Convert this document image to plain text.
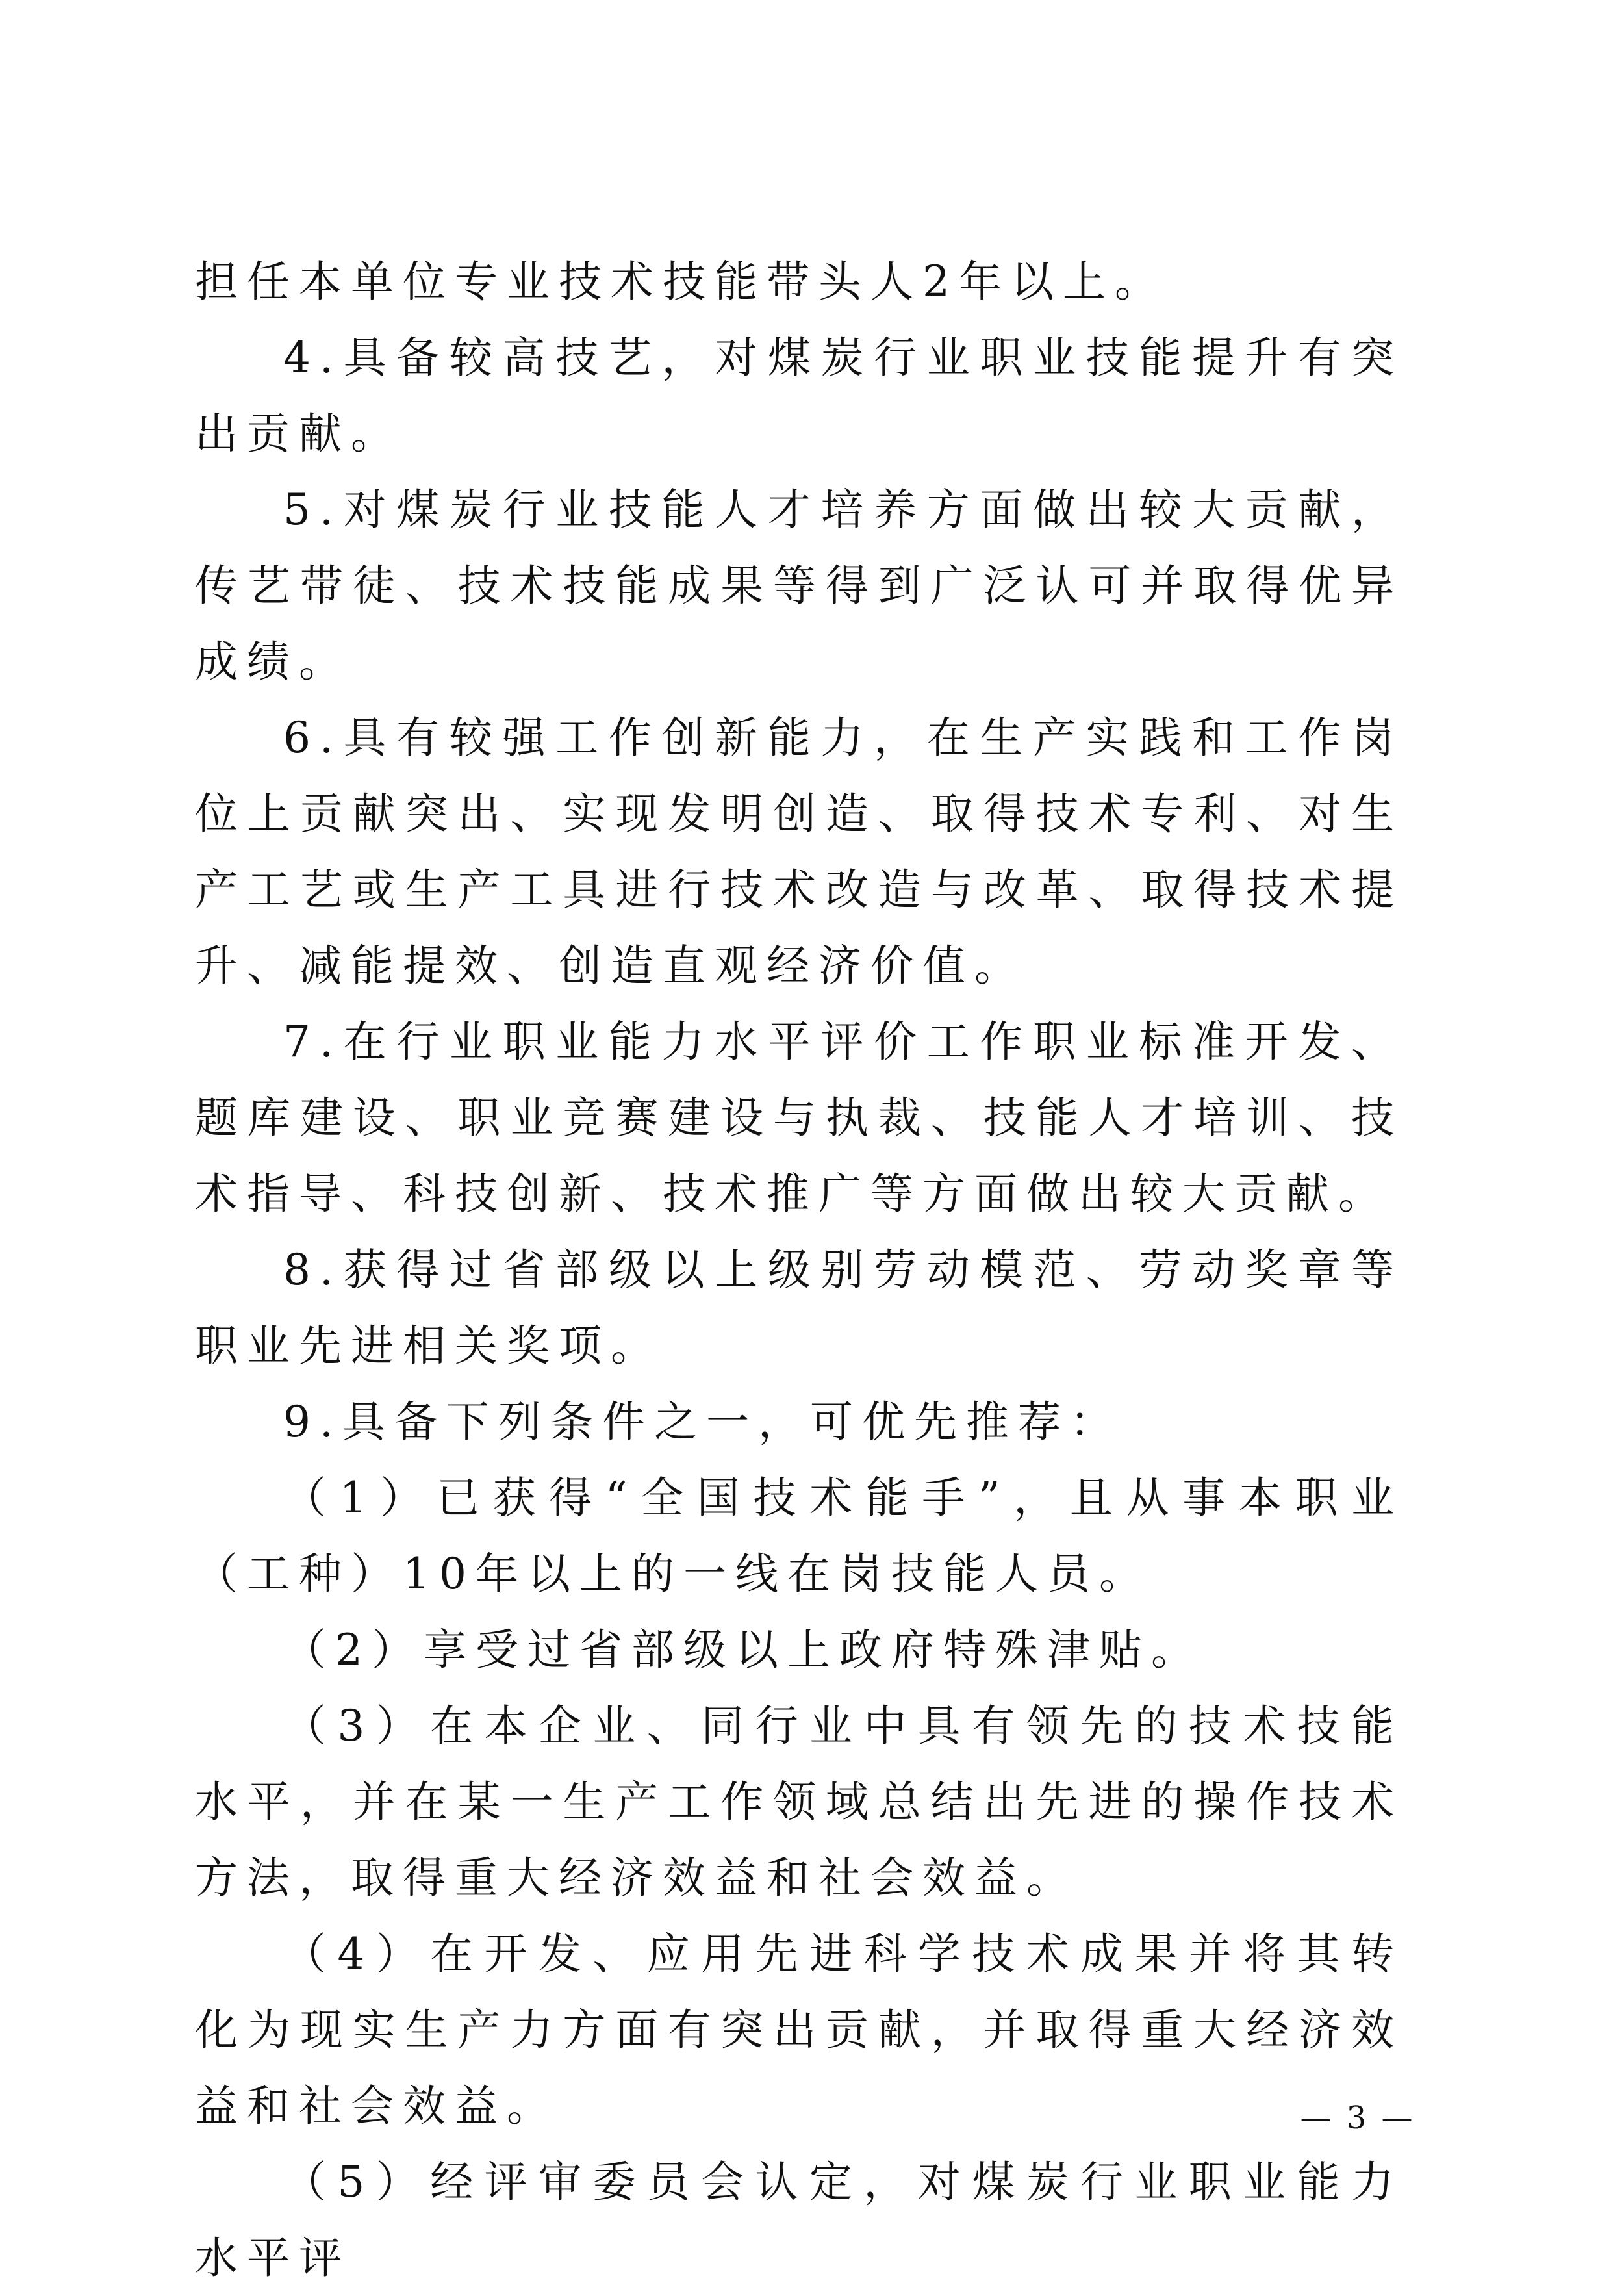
担任本单位专业技术技能带头人2年以上。

4.具备较高技艺，对煤炭行业职业技能提升有突出贡献。

5.对煤炭行业技能人才培养方面做出较大贡献，传艺带徒、技术技能成果等得到广泛认可并取得优异成绩。

6.具有较强工作创新能力，在生产实践和工作岗位上贡献突出、实现发明创造、取得技术专利、对生产工艺或生产工具进行技术改造与改革、取得技术提升、减能提效、创造直观经济价值。

7.在行业职业能力水平评价工作职业标准开发、题库建设、职业竞赛建设与执裁、技能人才培训、技术指导、科技创新、技术推广等方面做出较大贡献。

8.获得过省部级以上级别劳动模范、劳动奖章等职业先进相关奖项。

9.具备下列条件之一，可优先推荐：

（1）已获得“全国技术能手”，且从事本职业（工种）10年以上的一线在岗技能人员。

（2）享受过省部级以上政府特殊津贴。

（3）在本企业、同行业中具有领先的技术技能水平，并在某一生产工作领域总结出先进的操作技术方法，取得重大经济效益和社会效益。

（4）在开发、应用先进科学技术成果并将其转化为现实生产力方面有突出贡献，并取得重大经济效益和社会效益。

（5）经评审委员会认定，对煤炭行业职业能力水平评

— 3 —
